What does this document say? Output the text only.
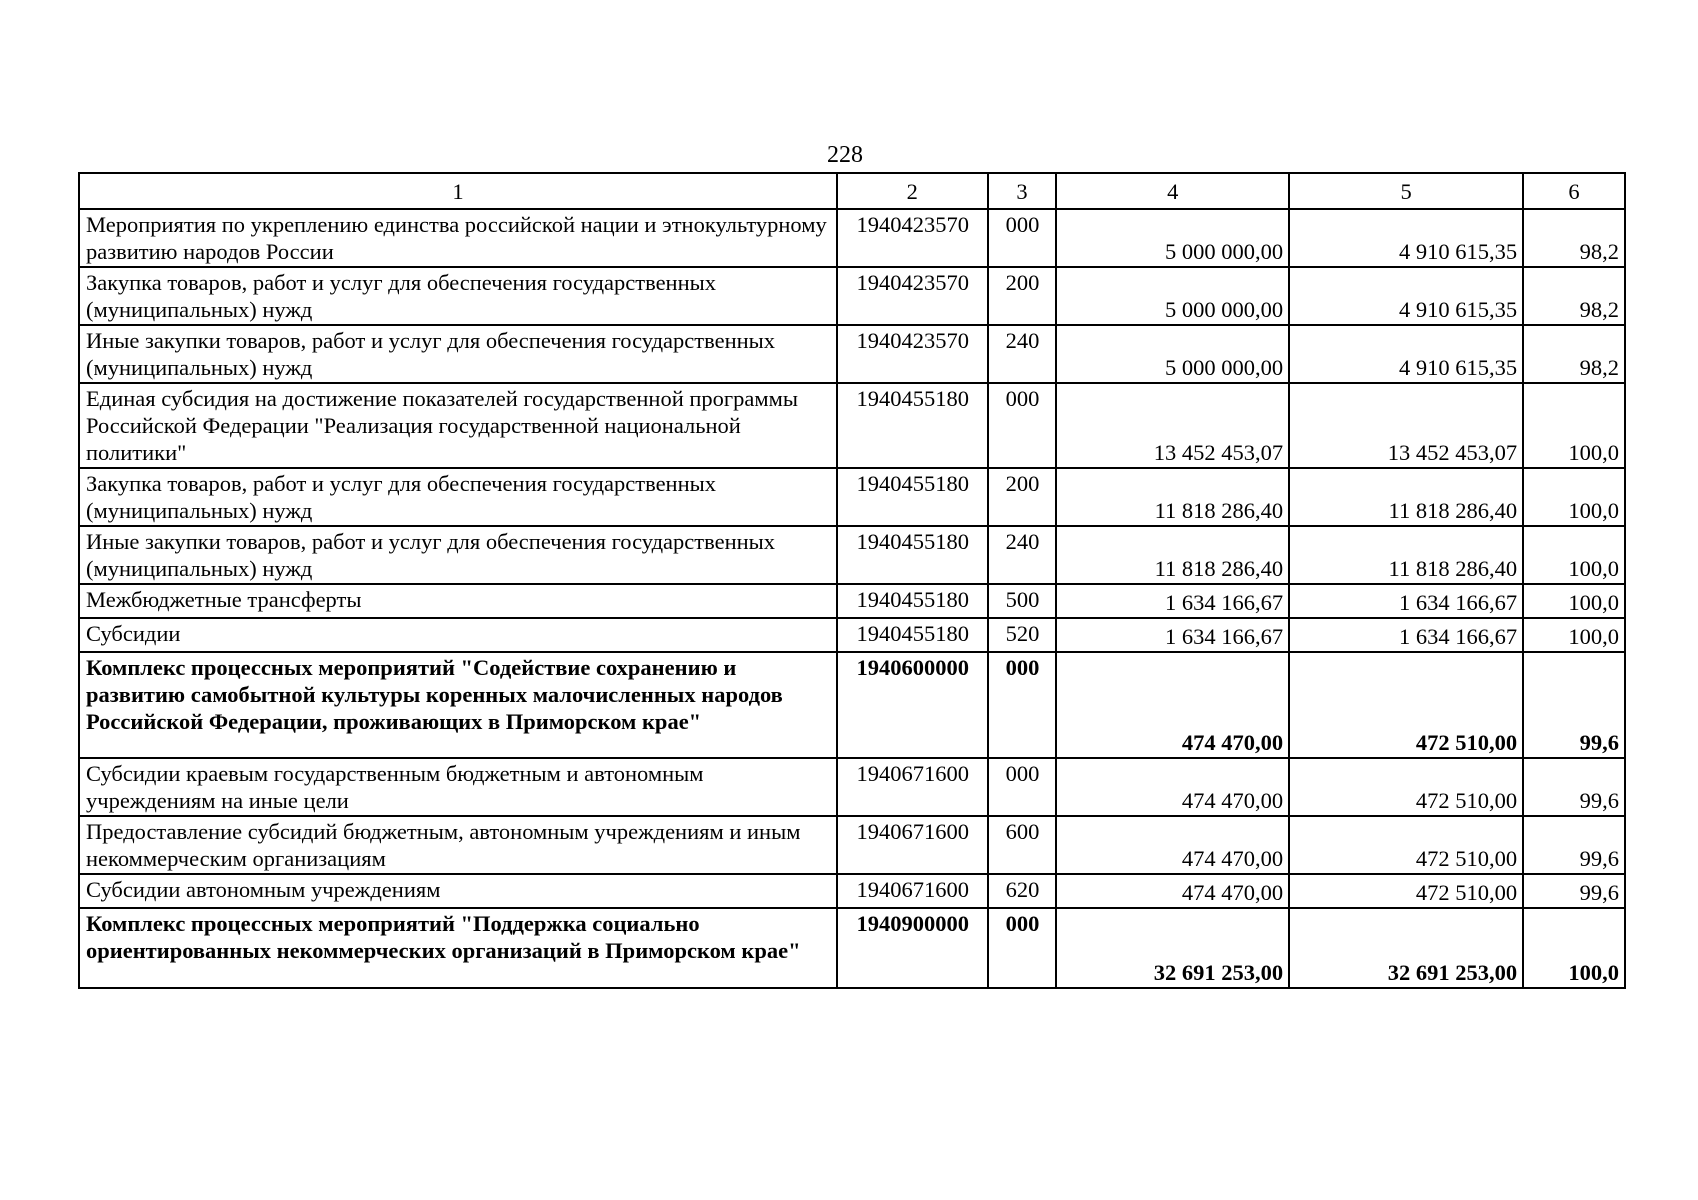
228
1	2	3	4	5	6
Мероприятия по укреплению единства российской нации и этнокультурному развитию народов России	1940423570	000	5 000 000,00	4 910 615,35	98,2
Закупка товаров, работ и услуг для обеспечения государственных (муниципальных) нужд	1940423570	200	5 000 000,00	4 910 615,35	98,2
Иные закупки товаров, работ и услуг для обеспечения государственных (муниципальных) нужд	1940423570	240	5 000 000,00	4 910 615,35	98,2
Единая субсидия на достижение показателей государственной программы Российской Федерации "Реализация государственной национальной политики"	1940455180	000	13 452 453,07	13 452 453,07	100,0
Закупка товаров, работ и услуг для обеспечения государственных (муниципальных) нужд	1940455180	200	11 818 286,40	11 818 286,40	100,0
Иные закупки товаров, работ и услуг для обеспечения государственных (муниципальных) нужд	1940455180	240	11 818 286,40	11 818 286,40	100,0
Межбюджетные трансферты	1940455180	500	1 634 166,67	1 634 166,67	100,0
Субсидии	1940455180	520	1 634 166,67	1 634 166,67	100,0
Комплекс процессных мероприятий "Содействие сохранению и развитию самобытной культуры коренных малочисленных народов Российской Федерации, проживающих в Приморском крае"	1940600000	000	474 470,00	472 510,00	99,6
Субсидии краевым государственным бюджетным и автономным учреждениям на иные цели	1940671600	000	474 470,00	472 510,00	99,6
Предоставление субсидий бюджетным, автономным учреждениям и иным некоммерческим организациям	1940671600	600	474 470,00	472 510,00	99,6
Субсидии автономным учреждениям	1940671600	620	474 470,00	472 510,00	99,6
Комплекс процессных мероприятий "Поддержка социально ориентированных некоммерческих организаций в Приморском крае"	1940900000	000	32 691 253,00	32 691 253,00	100,0
